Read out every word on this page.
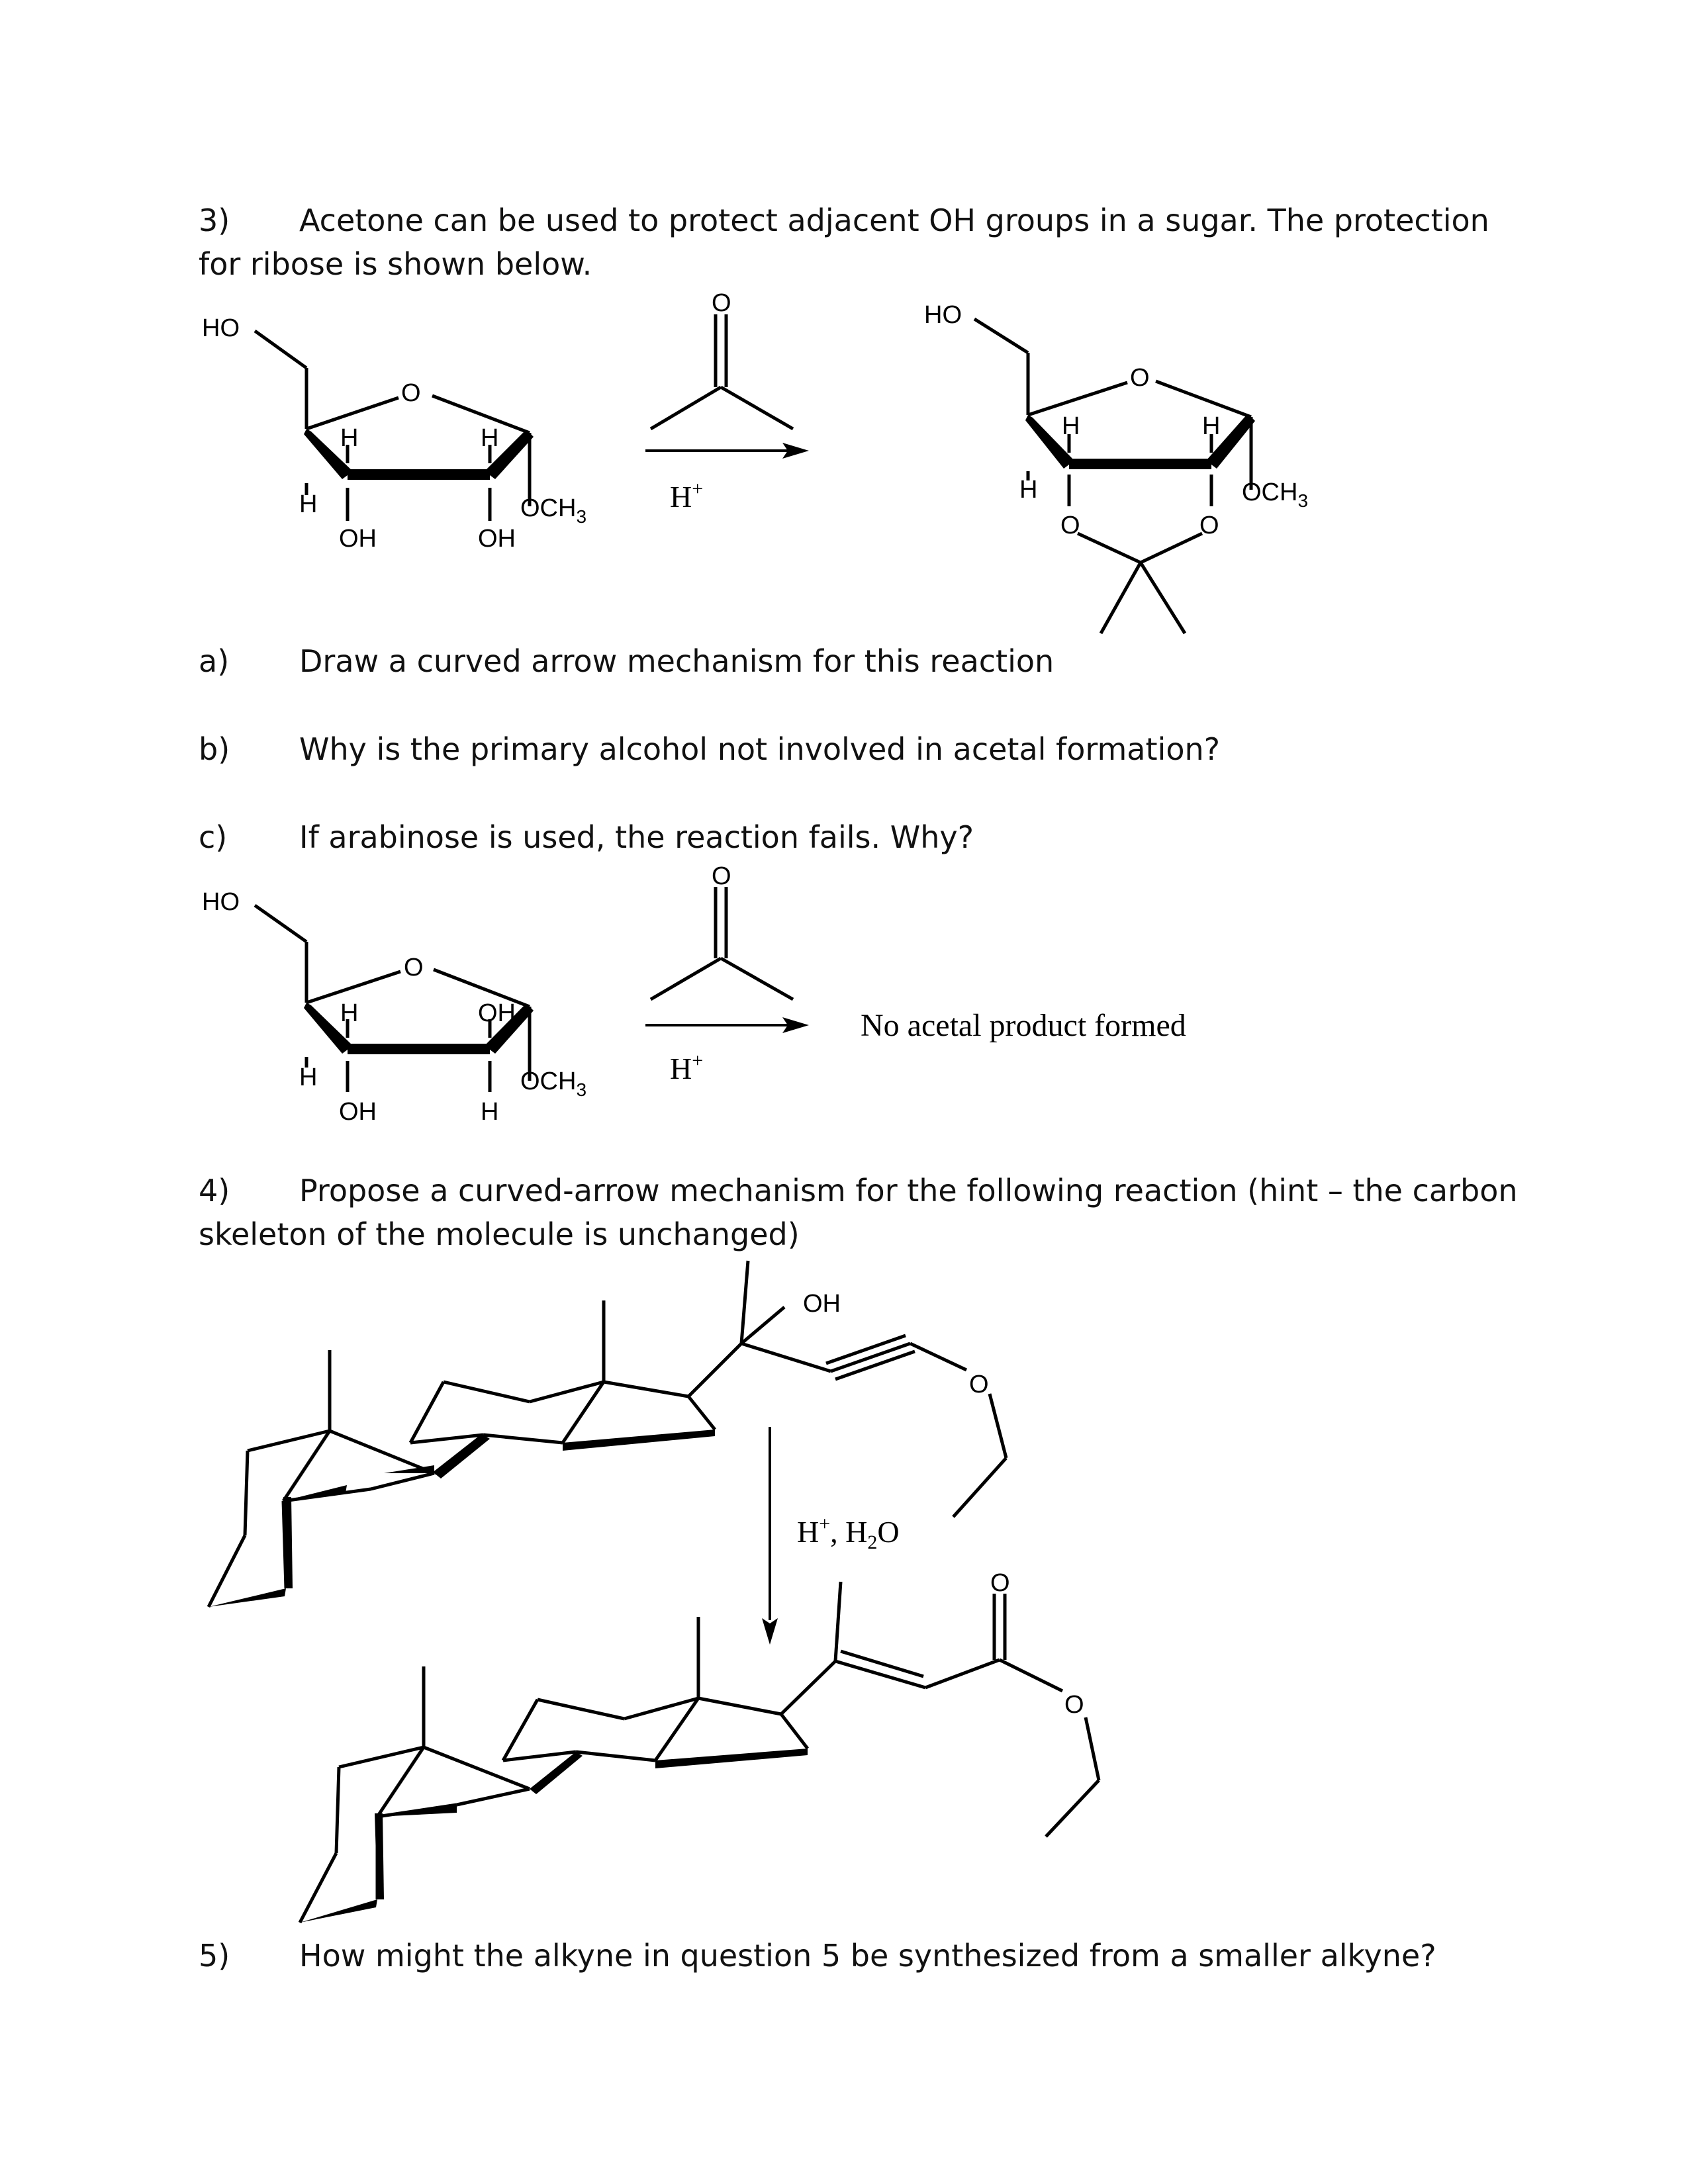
3) Acetone can be used to protect adjacent OH groups in a sugar. The protection
for ribose is shown below.
a) Draw a curved arrow mechanism for this reaction
b) Why is the primary alcohol not involved in acetal formation?
c) If arabinose is used, the reaction fails. Why?
4) Propose a curved-arrow mechanism for the following reaction (hint – the carbon
skeleton of the molecule is unchanged)
5) How might the alkyne in question 5 be synthesized from a smaller alkyne?
HO
O
H	H
H
OH	OH
$OCH_3$
O
H+
HO
O
H	H
H
O	O
$OCH_3$
HO
O
H	OH
H
OH	H
$OCH_3$
O
H+
No acetal product formed
OH
O
H+, $H_2O$
O
O
